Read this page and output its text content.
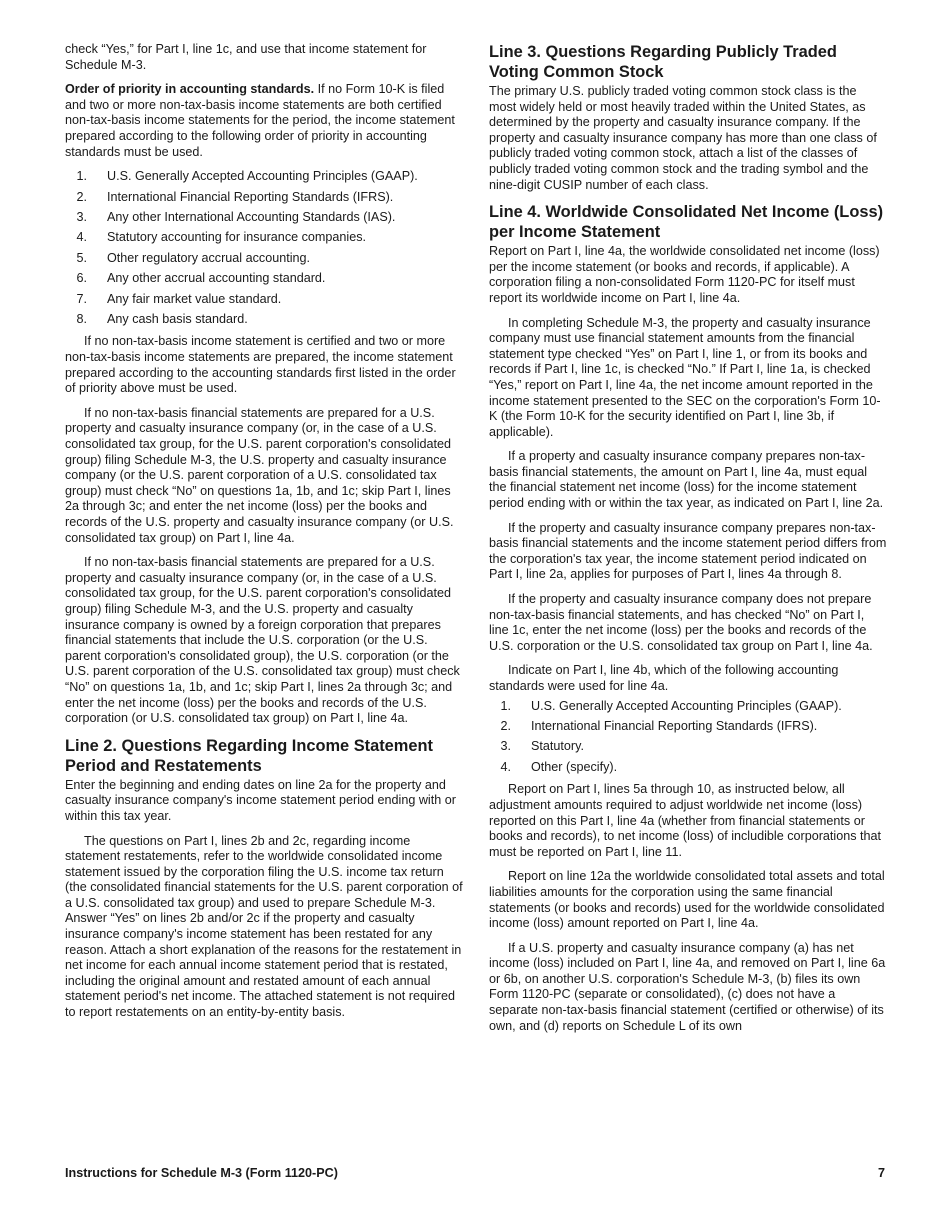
check “Yes,” for Part I, line 1c, and use that income statement for Schedule M-3.

Order of priority in accounting standards. If no Form 10-K is filed and two or more non-tax-basis income statements are both certified non-tax-basis income statements for the period, the income statement prepared according to the following order of priority in accounting standards must be used.

1. U.S. Generally Accepted Accounting Principles (GAAP).
2. International Financial Reporting Standards (IFRS).
3. Any other International Accounting Standards (IAS).
4. Statutory accounting for insurance companies.
5. Other regulatory accrual accounting.
6. Any other accrual accounting standard.
7. Any fair market value standard.
8. Any cash basis standard.

If no non-tax-basis income statement is certified and two or more non-tax-basis income statements are prepared, the income statement prepared according to the accounting standards first listed in the order of priority above must be used.

If no non-tax-basis financial statements are prepared for a U.S. property and casualty insurance company (or, in the case of a U.S. consolidated tax group, for the U.S. parent corporation's consolidated group) filing Schedule M-3, the U.S. property and casualty insurance company (or the U.S. parent corporation of a U.S. consolidated tax group) must check “No” on questions 1a, 1b, and 1c; skip Part I, lines 2a through 3c; and enter the net income (loss) per the books and records of the U.S. property and casualty insurance company (or U.S. consolidated tax group) on Part I, line 4a.

If no non-tax-basis financial statements are prepared for a U.S. property and casualty insurance company (or, in the case of a U.S. consolidated tax group, for the U.S. parent corporation's consolidated group) filing Schedule M-3, and the U.S. property and casualty insurance company is owned by a foreign corporation that prepares financial statements that include the U.S. corporation (or the U.S. parent corporation's consolidated group), the U.S. corporation (or the U.S. parent corporation of the U.S. consolidated tax group) must check “No” on questions 1a, 1b, and 1c; skip Part I, lines 2a through 3c; and enter the net income (loss) per the books and records of the U.S. corporation (or U.S. consolidated tax group) on Part I, line 4a.

Line 2. Questions Regarding Income Statement Period and Restatements

Enter the beginning and ending dates on line 2a for the property and casualty insurance company's income statement period ending with or within this tax year.

The questions on Part I, lines 2b and 2c, regarding income statement restatements, refer to the worldwide consolidated income statement issued by the corporation filing the U.S. income tax return (the consolidated financial statements for the U.S. parent corporation of a U.S. consolidated tax group) and used to prepare Schedule M-3. Answer “Yes” on lines 2b and/or 2c if the property and casualty insurance company's income statement has been restated for any reason. Attach a short explanation of the reasons for the restatement in net income for each annual income statement period that is restated, including the original amount and restated amount of each annual statement period's net income. The attached statement is not required to report restatements on an entity-by-entity basis.

Line 3. Questions Regarding Publicly Traded Voting Common Stock

The primary U.S. publicly traded voting common stock class is the most widely held or most heavily traded within the United States, as determined by the property and casualty insurance company. If the property and casualty insurance company has more than one class of publicly traded voting common stock, attach a list of the classes of publicly traded voting common stock and the trading symbol and the nine-digit CUSIP number of each class.

Line 4. Worldwide Consolidated Net Income (Loss) per Income Statement

Report on Part I, line 4a, the worldwide consolidated net income (loss) per the income statement (or books and records, if applicable). A corporation filing a non-consolidated Form 1120-PC for itself must report its worldwide income on Part I, line 4a.

In completing Schedule M-3, the property and casualty insurance company must use financial statement amounts from the financial statement type checked “Yes” on Part I, line 1, or from its books and records if Part I, line 1c, is checked “No.” If Part I, line 1a, is checked “Yes,” report on Part I, line 4a, the net income amount reported in the income statement presented to the SEC on the corporation's Form 10-K (the Form 10-K for the security identified on Part I, line 3b, if applicable).

If a property and casualty insurance company prepares non-tax-basis financial statements, the amount on Part I, line 4a, must equal the financial statement net income (loss) for the income statement period ending with or within the tax year, as indicated on Part I, line 2a.

If the property and casualty insurance company prepares non-tax-basis financial statements and the income statement period differs from the corporation's tax year, the income statement period indicated on Part I, line 2a, applies for purposes of Part I, lines 4a through 8.

If the property and casualty insurance company does not prepare non-tax-basis financial statements, and has checked “No” on Part I, line 1c, enter the net income (loss) per the books and records of the U.S. corporation or the U.S. consolidated tax group on Part I, line 4a.

Indicate on Part I, line 4b, which of the following accounting standards were used for line 4a.

1. U.S. Generally Accepted Accounting Principles (GAAP).
2. International Financial Reporting Standards (IFRS).
3. Statutory.
4. Other (specify).

Report on Part I, lines 5a through 10, as instructed below, all adjustment amounts required to adjust worldwide net income (loss) reported on this Part I, line 4a (whether from financial statements or books and records), to net income (loss) of includible corporations that must be reported on Part I, line 11.

Report on line 12a the worldwide consolidated total assets and total liabilities amounts for the corporation using the same financial statements (or books and records) used for the worldwide consolidated income (loss) amount reported on Part I, line 4a.

If a U.S. property and casualty insurance company (a) has net income (loss) included on Part I, line 4a, and removed on Part I, line 6a or 6b, on another U.S. corporation's Schedule M-3, (b) files its own Form 1120-PC (separate or consolidated), (c) does not have a separate non-tax-basis financial statement (certified or otherwise) of its own, and (d) reports on Schedule L of its own

Instructions for Schedule M-3 (Form 1120-PC)	7
